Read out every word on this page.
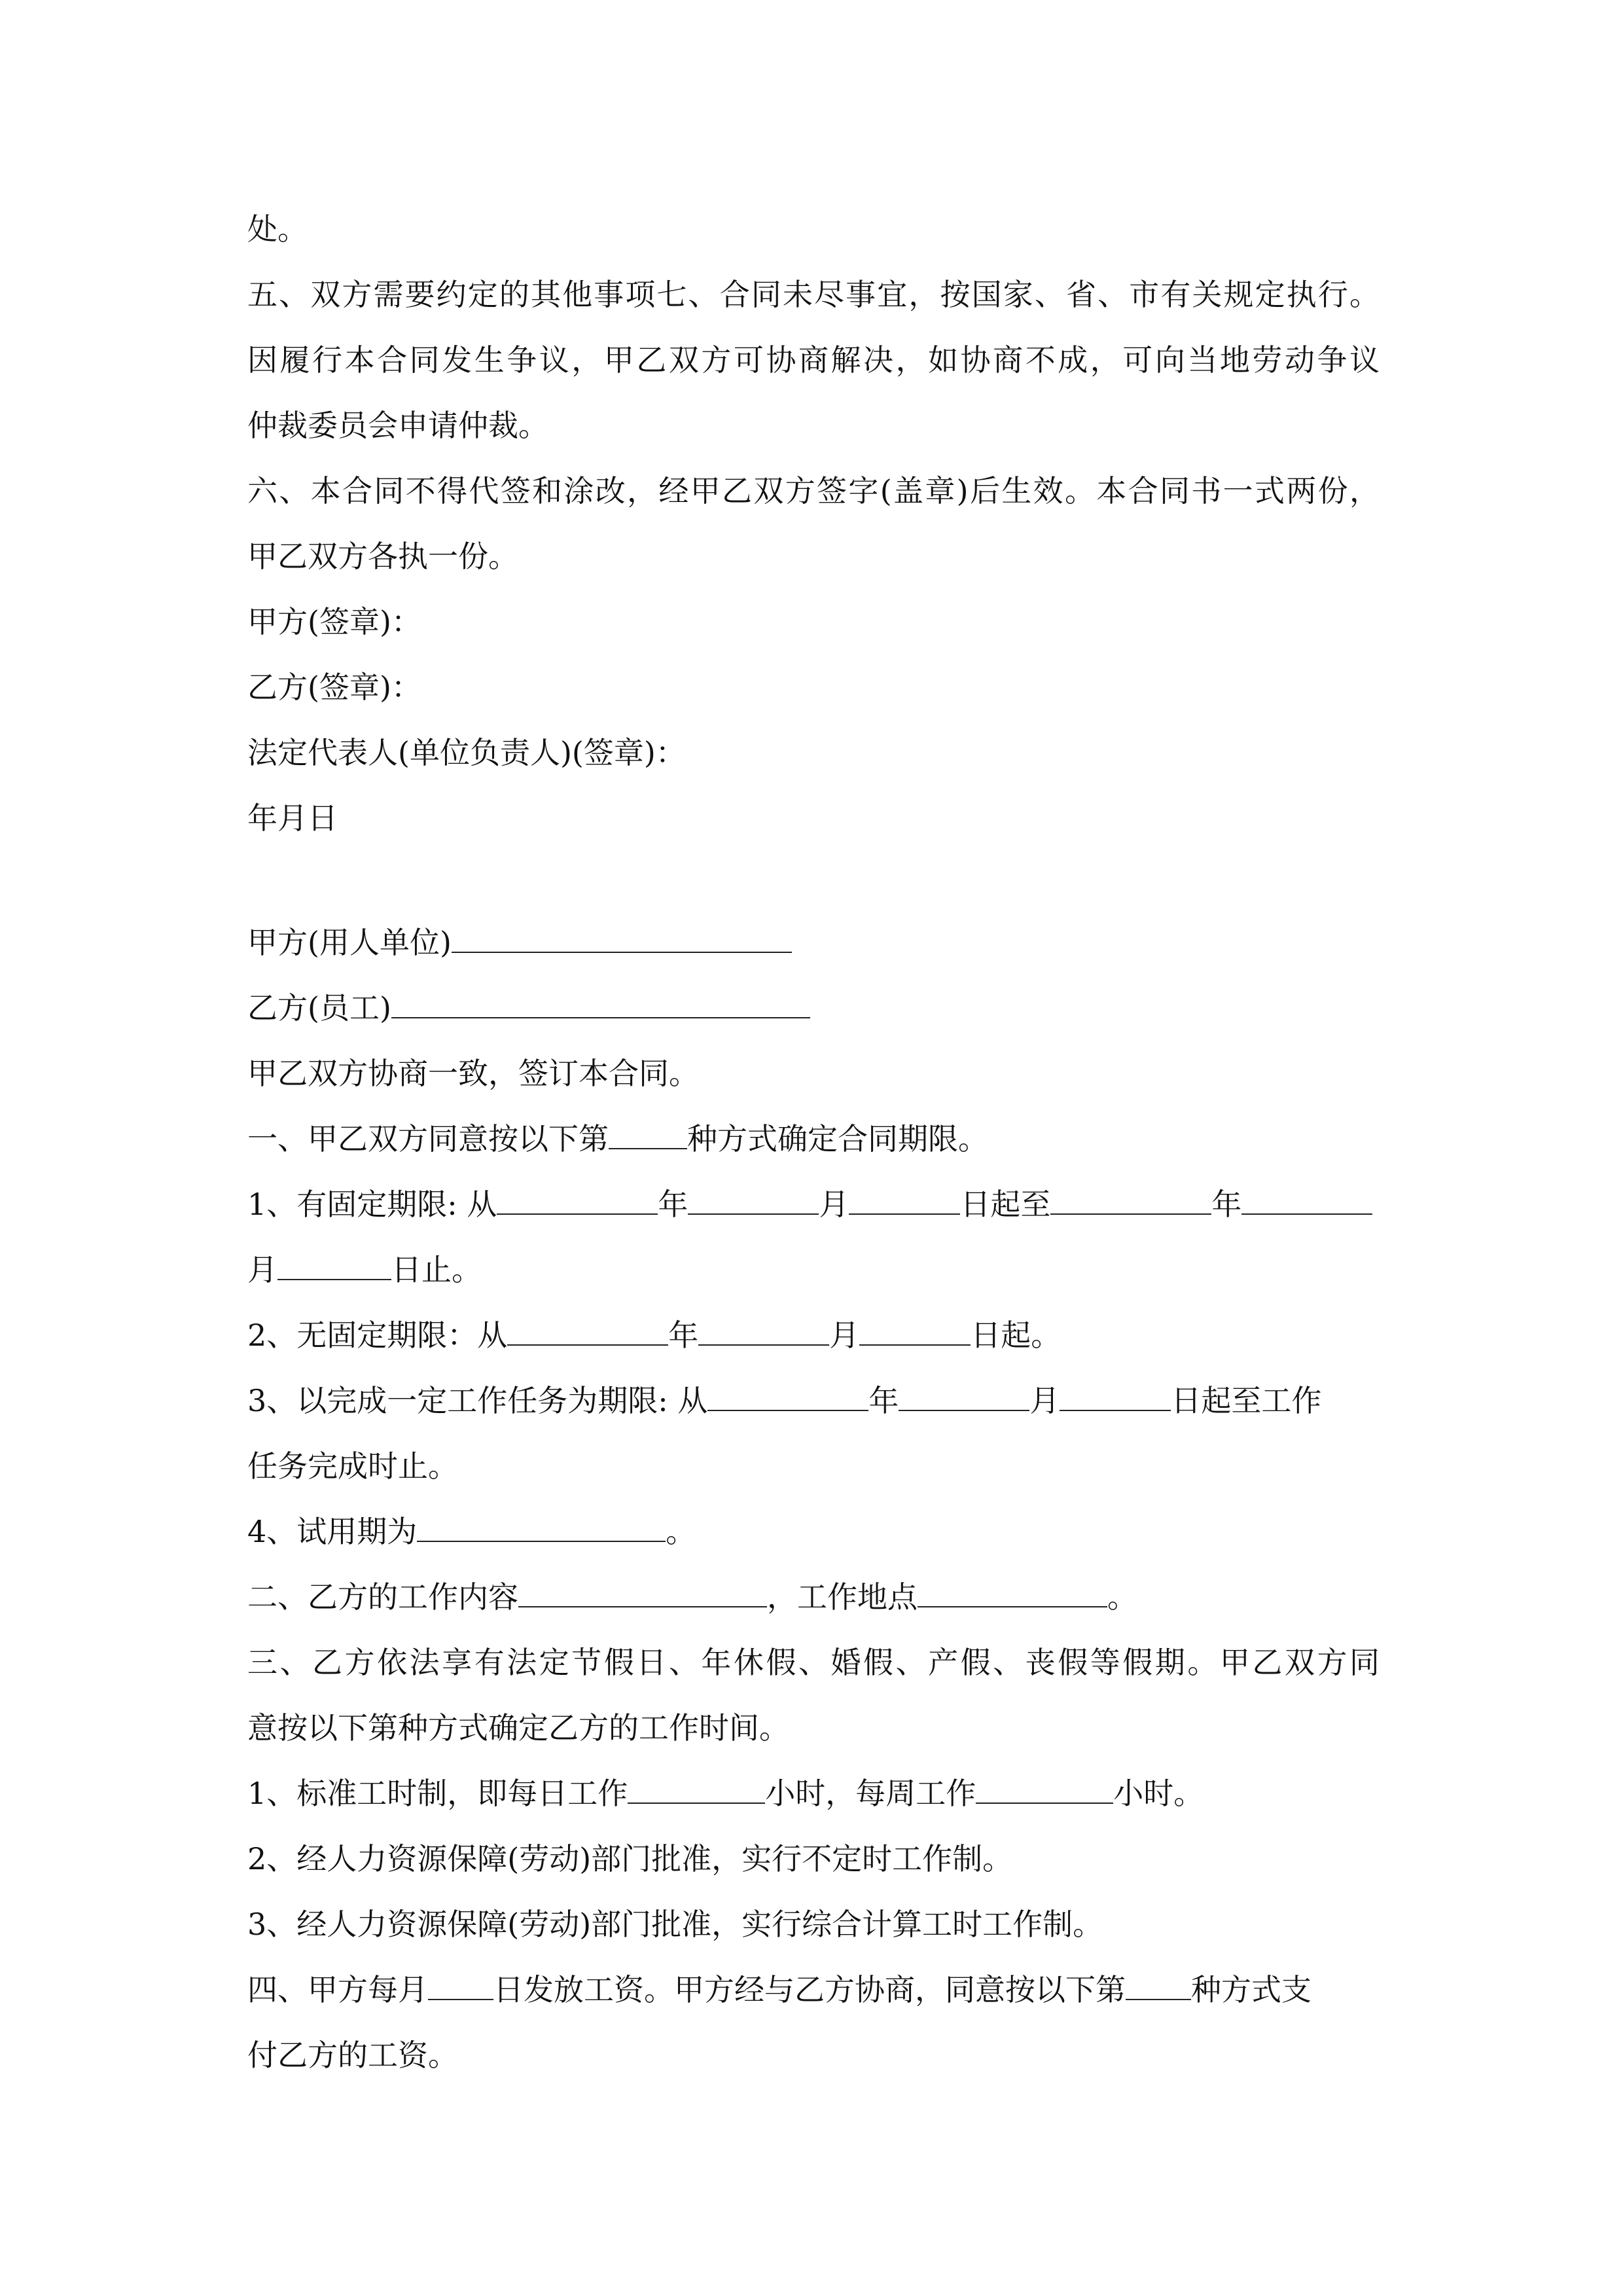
处。
五、双方需要约定的其他事项七、合同未尽事宜，按国家、省、市有关规定执行。
因履行本合同发生争议，甲乙双方可协商解决，如协商不成，可向当地劳动争议
仲裁委员会申请仲裁。
六、本合同不得代签和涂改，经甲乙双方签字(盖章)后生效。本合同书一式两份，
甲乙双方各执一份。
甲方(签章)：
乙方(签章)：
法定代表人(单位负责人)(签章)：
年月日
甲方(用人单位)
乙方(员工)
甲乙双方协商一致，签订本合同。
一、甲乙双方同意按以下第	种方式确定合同期限。
1、有固定期限: 从	年	月	日起至	年
月	日止。
2、无固定期限：从	年	月	日起。
3、以完成一定工作任务为期限: 从	年	月	日起至工作
任务完成时止。
4、试用期为	。
二、乙方的工作内容	，工作地点	。
三、乙方依法享有法定节假日、年休假、婚假、产假、丧假等假期。甲乙双方同
意按以下第种方式确定乙方的工作时间。
1、标准工时制，即每日工作	小时，每周工作	小时。
2、经人力资源保障(劳动)部门批准，实行不定时工作制。
3、经人力资源保障(劳动)部门批准，实行综合计算工时工作制。
四、甲方每月 日发放工资。甲方经与乙方协商，同意按以下第 种方式支
付乙方的工资。
